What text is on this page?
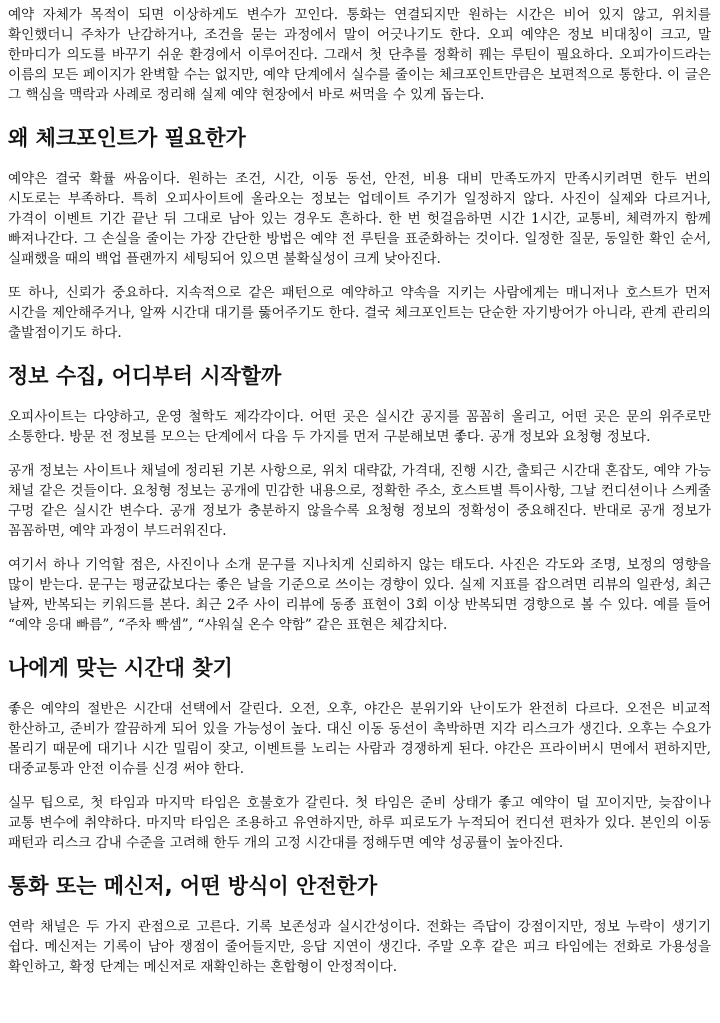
예약 자체가 목적이 되면 이상하게도 변수가 꼬인다. 통화는 연결되지만 원하는 시간은 비어 있지 않고, 위치를 확인했더니 주차가 난감하거나, 조건을 묻는 과정에서 말이 어긋나기도 한다. 오피 예약은 정보 비대칭이 크고, 말 한마디가 의도를 바꾸기 쉬운 환경에서 이루어진다. 그래서 첫 단추를 정확히 꿰는 루틴이 필요하다. 오피가이드라는 이름의 모든 페이지가 완벽할 수는 없지만, 예약 단계에서 실수를 줄이는 체크포인트만큼은 보편적으로 통한다. 이 글은 그 핵심을 맥락과 사례로 정리해 실제 예약 현장에서 바로 써먹을 수 있게 돕는다.

왜 체크포인트가 필요한가

예약은 결국 확률 싸움이다. 원하는 조건, 시간, 이동 동선, 안전, 비용 대비 만족도까지 만족시키려면 한두 번의 시도로는 부족하다. 특히 오피사이트에 올라오는 정보는 업데이트 주기가 일정하지 않다. 사진이 실제와 다르거나, 가격이 이벤트 기간 끝난 뒤 그대로 남아 있는 경우도 흔하다. 한 번 헛걸음하면 시간 1시간, 교통비, 체력까지 함께 빠져나간다. 그 손실을 줄이는 가장 간단한 방법은 예약 전 루틴을 표준화하는 것이다. 일정한 질문, 동일한 확인 순서, 실패했을 때의 백업 플랜까지 세팅되어 있으면 불확실성이 크게 낮아진다.

또 하나, 신뢰가 중요하다. 지속적으로 같은 패턴으로 예약하고 약속을 지키는 사람에게는 매니저나 호스트가 먼저 시간을 제안해주거나, 알짜 시간대 대기를 뚫어주기도 한다. 결국 체크포인트는 단순한 자기방어가 아니라, 관계 관리의 출발점이기도 하다.

정보 수집, 어디부터 시작할까

오피사이트는 다양하고, 운영 철학도 제각각이다. 어떤 곳은 실시간 공지를 꼼꼼히 올리고, 어떤 곳은 문의 위주로만 소통한다. 방문 전 정보를 모으는 단계에서 다음 두 가지를 먼저 구분해보면 좋다. 공개 정보와 요청형 정보다.

공개 정보는 사이트나 채널에 정리된 기본 사항으로, 위치 대략값, 가격대, 진행 시간, 출퇴근 시간대 혼잡도, 예약 가능 채널 같은 것들이다. 요청형 정보는 공개에 민감한 내용으로, 정확한 주소, 호스트별 특이사항, 그날 컨디션이나 스케줄 구멍 같은 실시간 변수다. 공개 정보가 충분하지 않을수록 요청형 정보의 정확성이 중요해진다. 반대로 공개 정보가 꼼꼼하면, 예약 과정이 부드러워진다.

여기서 하나 기억할 점은, 사진이나 소개 문구를 지나치게 신뢰하지 않는 태도다. 사진은 각도와 조명, 보정의 영향을 많이 받는다. 문구는 평균값보다는 좋은 날을 기준으로 쓰이는 경향이 있다. 실제 지표를 잡으려면 리뷰의 일관성, 최근 날짜, 반복되는 키워드를 본다. 최근 2주 사이 리뷰에 동종 표현이 3회 이상 반복되면 경향으로 볼 수 있다. 예를 들어 “예약 응대 빠름”, “주차 빡셈”, “샤워실 온수 약함” 같은 표현은 체감치다.

나에게 맞는 시간대 찾기

좋은 예약의 절반은 시간대 선택에서 갈린다. 오전, 오후, 야간은 분위기와 난이도가 완전히 다르다. 오전은 비교적 한산하고, 준비가 깔끔하게 되어 있을 가능성이 높다. 대신 이동 동선이 촉박하면 지각 리스크가 생긴다. 오후는 수요가 몰리기 때문에 대기나 시간 밀림이 잦고, 이벤트를 노리는 사람과 경쟁하게 된다. 야간은 프라이버시 면에서 편하지만, 대중교통과 안전 이슈를 신경 써야 한다.

실무 팁으로, 첫 타임과 마지막 타임은 호불호가 갈린다. 첫 타임은 준비 상태가 좋고 예약이 덜 꼬이지만, 늦잠이나 교통 변수에 취약하다. 마지막 타임은 조용하고 유연하지만, 하루 피로도가 누적되어 컨디션 편차가 있다. 본인의 이동 패턴과 리스크 감내 수준을 고려해 한두 개의 고정 시간대를 정해두면 예약 성공률이 높아진다.

통화 또는 메신저, 어떤 방식이 안전한가

연락 채널은 두 가지 관점으로 고른다. 기록 보존성과 실시간성이다. 전화는 즉답이 강점이지만, 정보 누락이 생기기 쉽다. 메신저는 기록이 남아 쟁점이 줄어들지만, 응답 지연이 생긴다. 주말 오후 같은 피크 타임에는 전화로 가용성을 확인하고, 확정 단계는 메신저로 재확인하는 혼합형이 안정적이다.
